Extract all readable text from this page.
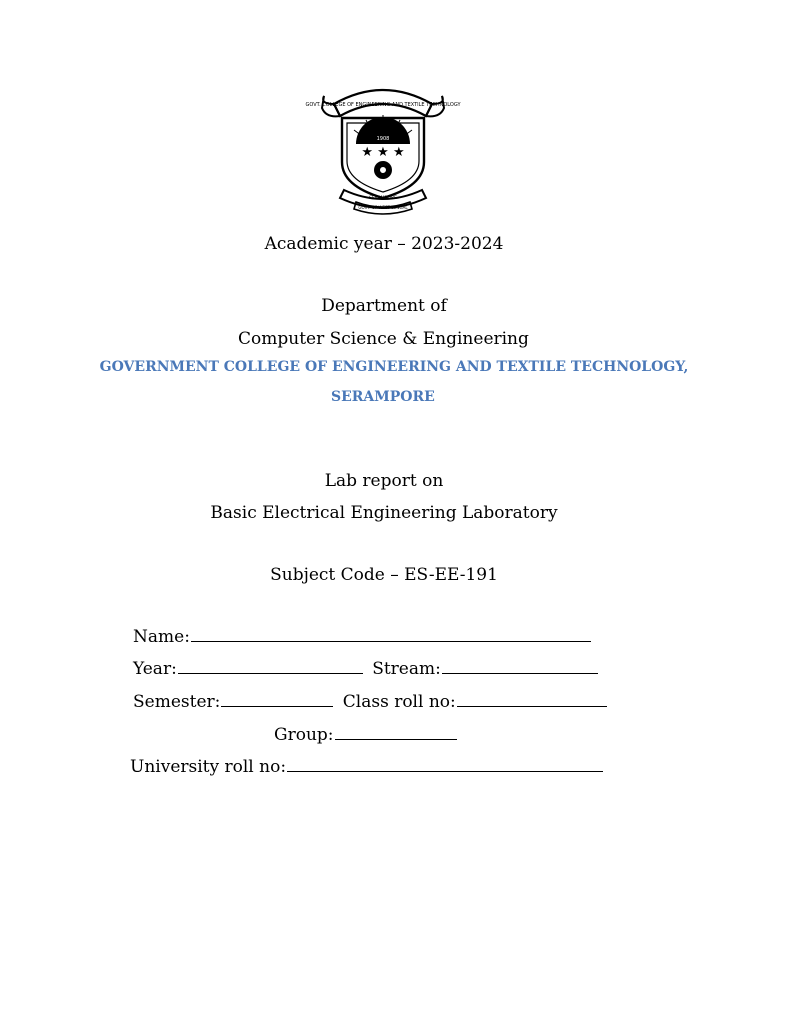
GOVT. COLLEGE OF ENGINEERING AND TEXTILE TECHNOLOGY
1908
★ ★ ★
SERAMPORE
GOVT. OF WEST BENGAL
Academic year – 2023-2024
Department of
Computer Science & Engineering
GOVERNMENT COLLEGE OF ENGINEERING AND TEXTILE TECHNOLOGY,
SERAMPORE
Lab report on
Basic Electrical Engineering Laboratory
Subject Code – ES-EE-191
Name:
Year:	Stream:
Semester:	Class roll no:
Group:
University roll no:
